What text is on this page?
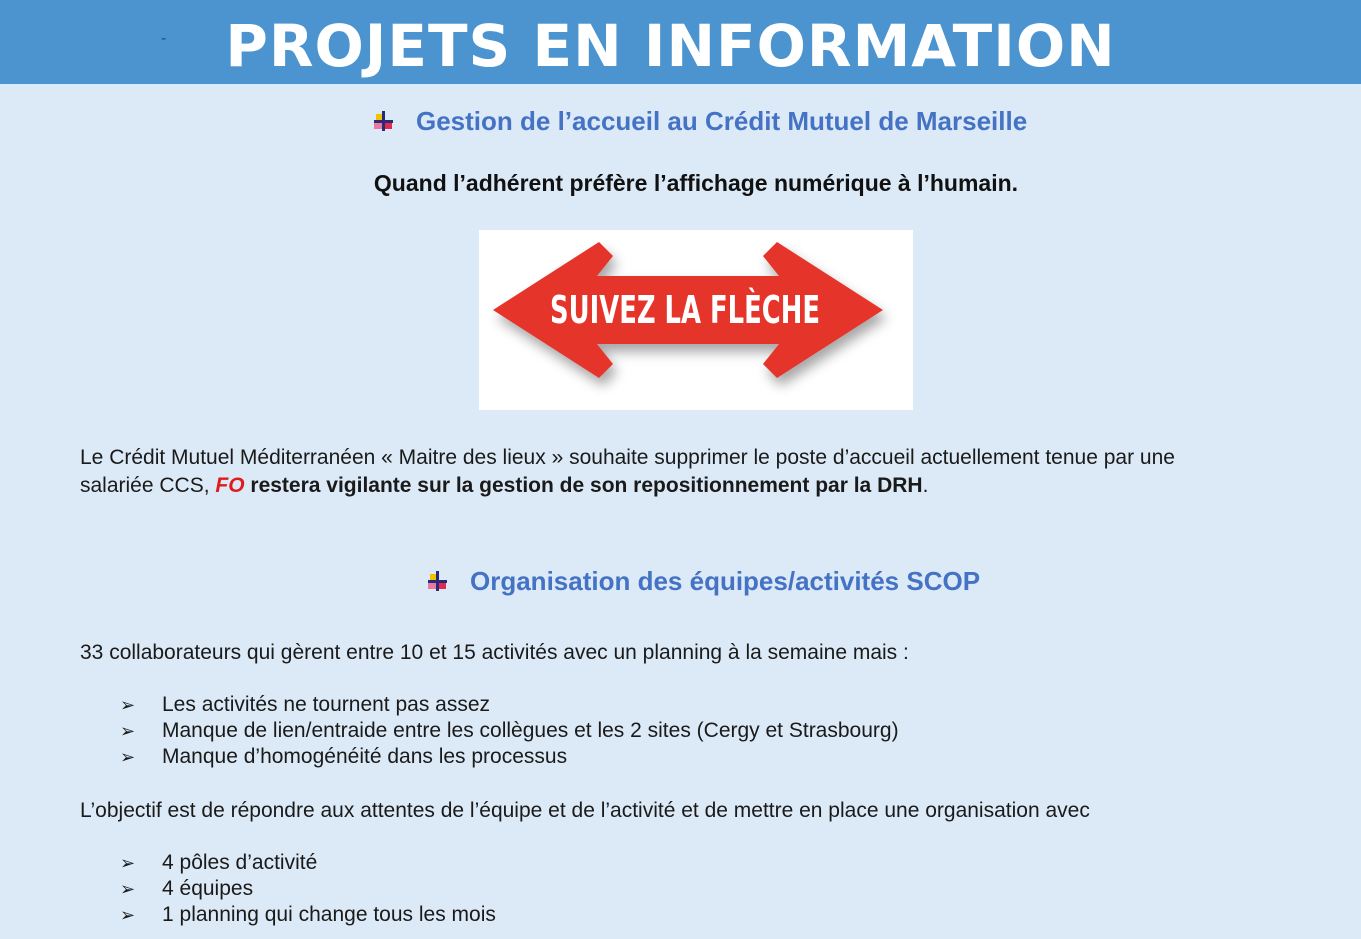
-	PROJETS EN INFORMATION
Gestion de l’accueil au Crédit Mutuel de Marseille
Quand l’adhérent préfère l’affichage numérique à l’humain.
SUIVEZ LA FLÈCHE
Le Crédit Mutuel Méditerranéen « Maitre des lieux » souhaite supprimer le poste d’accueil actuellement tenue par une
salariée CCS, FO restera vigilante sur la gestion de son repositionnement par la DRH.
Organisation des équipes/activités SCOP
33 collaborateurs qui gèrent entre 10 et 15 activités avec un planning à la semaine mais :
➢ Les activités ne tournent pas assez
➢ Manque de lien/entraide entre les collègues et les 2 sites (Cergy et Strasbourg)
➢ Manque d’homogénéité dans les processus
L’objectif est de répondre aux attentes de l’équipe et de l’activité et de mettre en place une organisation avec
➢ 4 pôles d’activité
➢ 4 équipes
➢ 1 planning qui change tous les mois
